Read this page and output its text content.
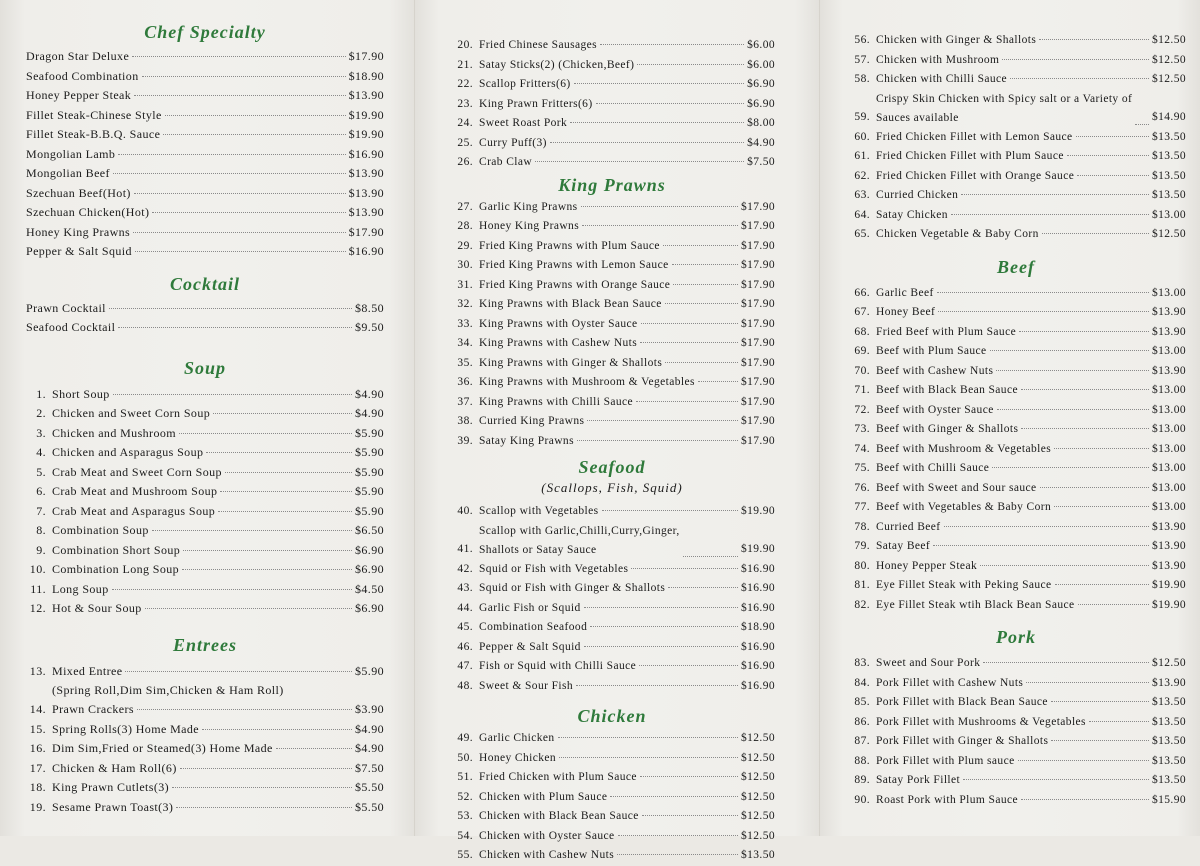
Chef Specialty
Dragon Star Deluxe	$17.90
Seafood Combination	$18.90
Honey Pepper Steak	$13.90
Fillet Steak-Chinese Style	$19.90
Fillet Steak-B.B.Q. Sauce	$19.90
Mongolian Lamb	$16.90
Mongolian Beef	$13.90
Szechuan Beef(Hot)	$13.90
Szechuan Chicken(Hot)	$13.90
Honey King Prawns	$17.90
Pepper & Salt Squid	$16.90
Cocktail
Prawn Cocktail	$8.50
Seafood Cocktail	$9.50
Soup
1. Short Soup	$4.90
2. Chicken and Sweet Corn Soup	$4.90
3. Chicken and Mushroom	$5.90
4. Chicken and Asparagus Soup	$5.90
5. Crab Meat and Sweet Corn Soup	$5.90
6. Crab Meat and Mushroom Soup	$5.90
7. Crab Meat and Asparagus Soup	$5.90
8. Combination Soup	$6.50
9. Combination Short Soup	$6.90
10. Combination Long Soup	$6.90
11. Long Soup	$4.50
12. Hot & Sour Soup	$6.90
Entrees
13. Mixed Entree	$5.90
(Spring Roll,Dim Sim,Chicken & Ham Roll)
14. Prawn Crackers	$3.90
15. Spring Rolls(3) Home Made	$4.90
16. Dim Sim,Fried or Steamed(3) Home Made	$4.90
17. Chicken & Ham Roll(6)	$7.50
18. King Prawn Cutlets(3)	$5.50
19. Sesame Prawn Toast(3)	$5.50
20. Fried Chinese Sausages	$6.00
21. Satay Sticks(2) (Chicken,Beef)	$6.00
22. Scallop Fritters(6)	$6.90
23. King Prawn Fritters(6)	$6.90
24. Sweet Roast Pork	$8.00
25. Curry Puff(3)	$4.90
26. Crab Claw	$7.50
King Prawns
27. Garlic King Prawns	$17.90
28. Honey King Prawns	$17.90
29. Fried King Prawns with Plum Sauce	$17.90
30. Fried King Prawns with Lemon Sauce	$17.90
31. Fried King Prawns with Orange Sauce	$17.90
32. King Prawns with Black Bean Sauce	$17.90
33. King Prawns with Oyster Sauce	$17.90
34. King Prawns with Cashew Nuts	$17.90
35. King Prawns with Ginger & Shallots	$17.90
36. King Prawns with Mushroom & Vegetables	$17.90
37. King Prawns with Chilli Sauce	$17.90
38. Curried King Prawns	$17.90
39. Satay King Prawns	$17.90
Seafood
(Scallops, Fish, Squid)
40. Scallop with Vegetables	$19.90
41.
Scallop with Garlic,Chilli,Curry,Ginger,
Shallots or Satay Sauce	$19.90
42. Squid or Fish with Vegetables	$16.90
43. Squid or Fish with Ginger & Shallots	$16.90
44. Garlic Fish or Squid	$16.90
45. Combination Seafood	$18.90
46. Pepper & Salt Squid	$16.90
47. Fish or Squid with Chilli Sauce	$16.90
48. Sweet & Sour Fish	$16.90
Chicken
49. Garlic Chicken	$12.50
50. Honey Chicken	$12.50
51. Fried Chicken with Plum Sauce	$12.50
52. Chicken with Plum Sauce	$12.50
53. Chicken with Black Bean Sauce	$12.50
54. Chicken with Oyster Sauce	$12.50
55. Chicken with Cashew Nuts	$13.50
56. Chicken with Ginger & Shallots	$12.50
57. Chicken with Mushroom	$12.50
58. Chicken with Chilli Sauce	$12.50
59.
Crispy Skin Chicken with Spicy salt or a Variety of
Sauces available	$14.90
60. Fried Chicken Fillet with Lemon Sauce	$13.50
61. Fried Chicken Fillet with Plum Sauce	$13.50
62. Fried Chicken Fillet with Orange Sauce	$13.50
63. Curried Chicken	$13.50
64. Satay Chicken	$13.00
65. Chicken Vegetable & Baby Corn	$12.50
Beef
66. Garlic Beef	$13.00
67. Honey Beef	$13.90
68. Fried Beef with Plum Sauce	$13.90
69. Beef with Plum Sauce	$13.00
70. Beef with Cashew Nuts	$13.90
71. Beef with Black Bean Sauce	$13.00
72. Beef with Oyster Sauce	$13.00
73. Beef with Ginger & Shallots	$13.00
74. Beef with Mushroom & Vegetables	$13.00
75. Beef with Chilli Sauce	$13.00
76. Beef with Sweet and Sour sauce	$13.00
77. Beef with Vegetables & Baby Corn	$13.00
78. Curried Beef	$13.90
79. Satay Beef	$13.90
80. Honey Pepper Steak	$13.90
81. Eye Fillet Steak with Peking Sauce	$19.90
82. Eye Fillet Steak wtih Black Bean Sauce	$19.90
Pork
83. Sweet and Sour Pork	$12.50
84. Pork Fillet with Cashew Nuts	$13.90
85. Pork Fillet with Black Bean Sauce	$13.50
86. Pork Fillet with Mushrooms & Vegetables	$13.50
87. Pork Fillet with Ginger & Shallots	$13.50
88. Pork Fillet with Plum sauce	$13.50
89. Satay Pork Fillet	$13.50
90. Roast Pork with Plum Sauce	$15.90
